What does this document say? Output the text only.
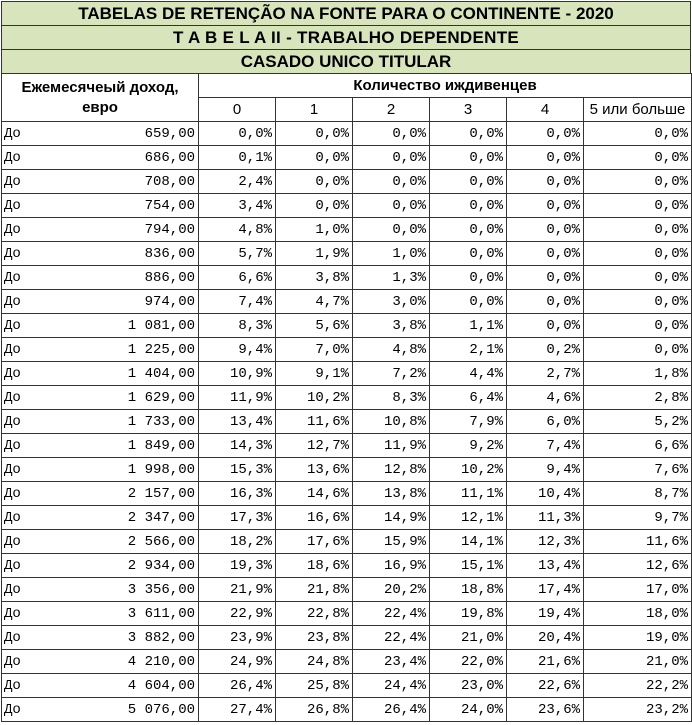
TABELAS DE RETENÇÃO NA FONTE PARA O CONTINENTE - 2020
T A B E L A II - TRABALHO DEPENDENTE
CASADO UNICO TITULAR
Ежемесячеый доход, евро		Количество иждивенцев					
		0	1	2	3	4	5 или больше
До	659,00	0,0%	0,0%	0,0%	0,0%	0,0%	0,0%
До	686,00	0,1%	0,0%	0,0%	0,0%	0,0%	0,0%
До	708,00	2,4%	0,0%	0,0%	0,0%	0,0%	0,0%
До	754,00	3,4%	0,0%	0,0%	0,0%	0,0%	0,0%
До	794,00	4,8%	1,0%	0,0%	0,0%	0,0%	0,0%
До	836,00	5,7%	1,9%	1,0%	0,0%	0,0%	0,0%
До	886,00	6,6%	3,8%	1,3%	0,0%	0,0%	0,0%
До	974,00	7,4%	4,7%	3,0%	0,0%	0,0%	0,0%
До	1 081,00	8,3%	5,6%	3,8%	1,1%	0,0%	0,0%
До	1 225,00	9,4%	7,0%	4,8%	2,1%	0,2%	0,0%
До	1 404,00	10,9%	9,1%	7,2%	4,4%	2,7%	1,8%
До	1 629,00	11,9%	10,2%	8,3%	6,4%	4,6%	2,8%
До	1 733,00	13,4%	11,6%	10,8%	7,9%	6,0%	5,2%
До	1 849,00	14,3%	12,7%	11,9%	9,2%	7,4%	6,6%
До	1 998,00	15,3%	13,6%	12,8%	10,2%	9,4%	7,6%
До	2 157,00	16,3%	14,6%	13,8%	11,1%	10,4%	8,7%
До	2 347,00	17,3%	16,6%	14,9%	12,1%	11,3%	9,7%
До	2 566,00	18,2%	17,6%	15,9%	14,1%	12,3%	11,6%
До	2 934,00	19,3%	18,6%	16,9%	15,1%	13,4%	12,6%
До	3 356,00	21,9%	21,8%	20,2%	18,8%	17,4%	17,0%
До	3 611,00	22,9%	22,8%	22,4%	19,8%	19,4%	18,0%
До	3 882,00	23,9%	23,8%	22,4%	21,0%	20,4%	19,0%
До	4 210,00	24,9%	24,8%	23,4%	22,0%	21,6%	21,0%
До	4 604,00	26,4%	25,8%	24,4%	23,0%	22,6%	22,2%
До	5 076,00	27,4%	26,8%	26,4%	24,0%	23,6%	23,2%
